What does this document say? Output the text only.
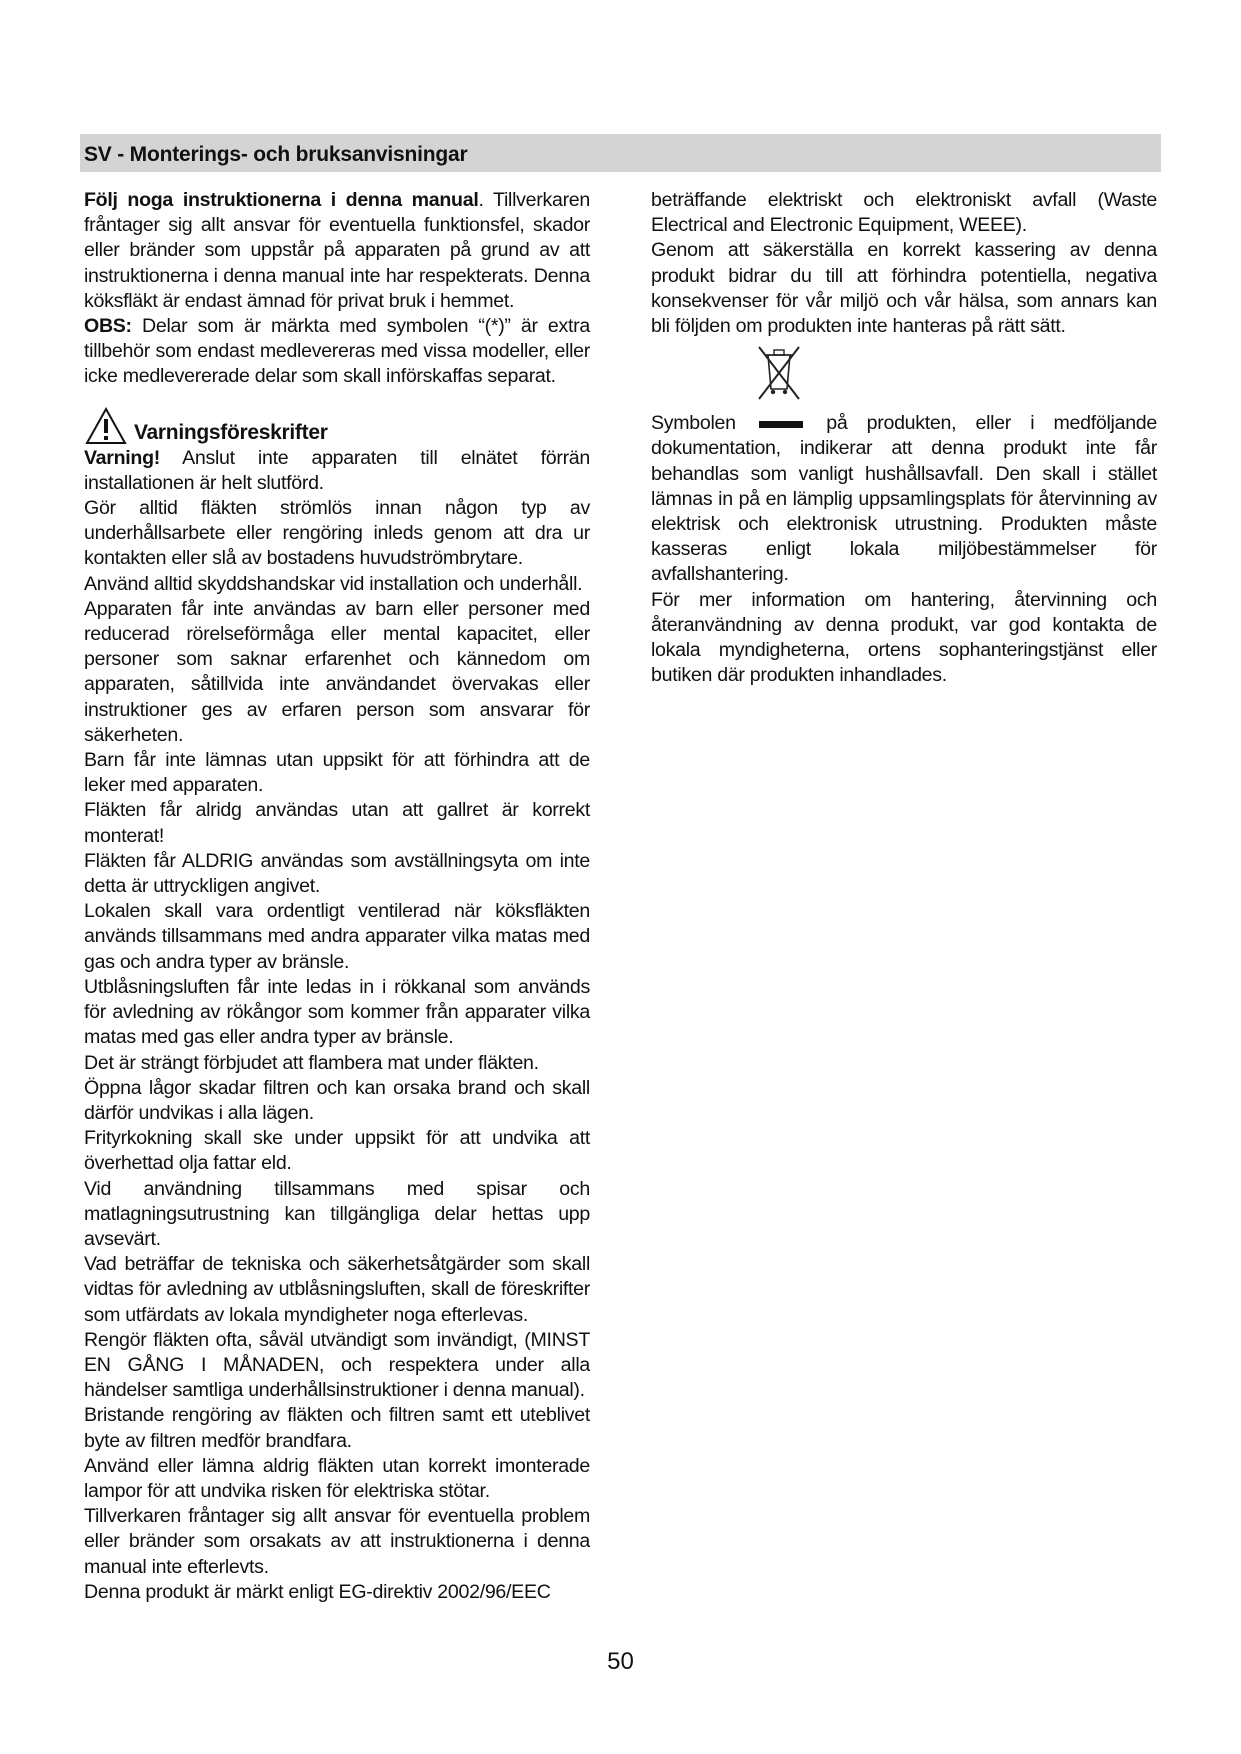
SV - Monterings- och bruksanvisningar

Följ noga instruktionerna i denna manual. Tillverkaren fråntager sig allt ansvar för eventuella funktionsfel, skador eller bränder som uppstår på apparaten på grund av att instruktionerna i denna manual inte har respekterats. Denna köksfläkt är endast ämnad för privat bruk i hemmet.

OBS: Delar som är märkta med symbolen “(*)” är extra tillbehör som endast medlevereras med vissa modeller, eller icke medlevererade delar som skall införskaffas separat.

Varningsföreskrifter

Varning! Anslut inte apparaten till elnätet förrän installationen är helt slutförd.

Gör alltid fläkten strömlös innan någon typ av underhållsarbete eller rengöring inleds genom att dra ur kontakten eller slå av bostadens huvudströmbrytare.

Använd alltid skyddshandskar vid installation och underhåll.

Apparaten får inte användas av barn eller personer med reducerad rörelseförmåga eller mental kapacitet, eller personer som saknar erfarenhet och kännedom om apparaten, såtillvida inte användandet övervakas eller instruktioner ges av erfaren person som ansvarar för säkerheten.

Barn får inte lämnas utan uppsikt för att förhindra att de leker med apparaten.

Fläkten får alridg användas utan att gallret är korrekt monterat!

Fläkten får ALDRIG användas som avställningsyta om inte detta är uttryckligen angivet.

Lokalen skall vara ordentligt ventilerad när köksfläkten används tillsammans med andra apparater vilka matas med gas och andra typer av bränsle.

Utblåsningsluften får inte ledas in i rökkanal som används för avledning av rökångor som kommer från apparater vilka matas med gas eller andra typer av bränsle.

Det är strängt förbjudet att flambera mat under fläkten.

Öppna lågor skadar filtren och kan orsaka brand och skall därför undvikas i alla lägen.

Frityrkokning skall ske under uppsikt för att undvika att överhettad olja fattar eld.

Vid användning tillsammans med spisar och matlagningsutrustning kan tillgängliga delar hettas upp avsevärt.

Vad beträffar de tekniska och säkerhetsåtgärder som skall vidtas för avledning av utblåsningsluften, skall de föreskrifter som utfärdats av lokala myndigheter noga efterlevas.

Rengör fläkten ofta, såväl utvändigt som invändigt, (MINST EN GÅNG I MÅNADEN, och respektera under alla händelser samtliga underhållsinstruktioner i denna manual).

Bristande rengöring av fläkten och filtren samt ett uteblivet byte av filtren medför brandfara.

Använd eller lämna aldrig fläkten utan korrekt imonterade lampor för att undvika risken för elektriska stötar.

Tillverkaren fråntager sig allt ansvar för eventuella problem eller bränder som orsakats av att instruktionerna i denna manual inte efterlevts.

Denna produkt är märkt enligt EG-direktiv 2002/96/EEC

beträffande elektriskt och elektroniskt avfall (Waste Electrical and Electronic Equipment, WEEE).

Genom att säkerställa en korrekt kassering av denna produkt bidrar du till att förhindra potentiella, negativa konsekvenser för vår miljö och vår hälsa, som annars kan bli följden om produkten inte hanteras på rätt sätt.

Symbolen	på produkten, eller i medföljande dokumentation, indikerar att denna produkt inte får behandlas som vanligt hushållsavfall. Den skall i stället lämnas in på en lämplig uppsamlingsplats för återvinning av elektrisk och elektronisk utrustning. Produkten måste kasseras enligt lokala miljöbestämmelser för avfallshantering.

För mer information om hantering, återvinning och återanvändning av denna produkt, var god kontakta de lokala myndigheterna, ortens sophanteringstjänst eller butiken där produkten inhandlades.

50
